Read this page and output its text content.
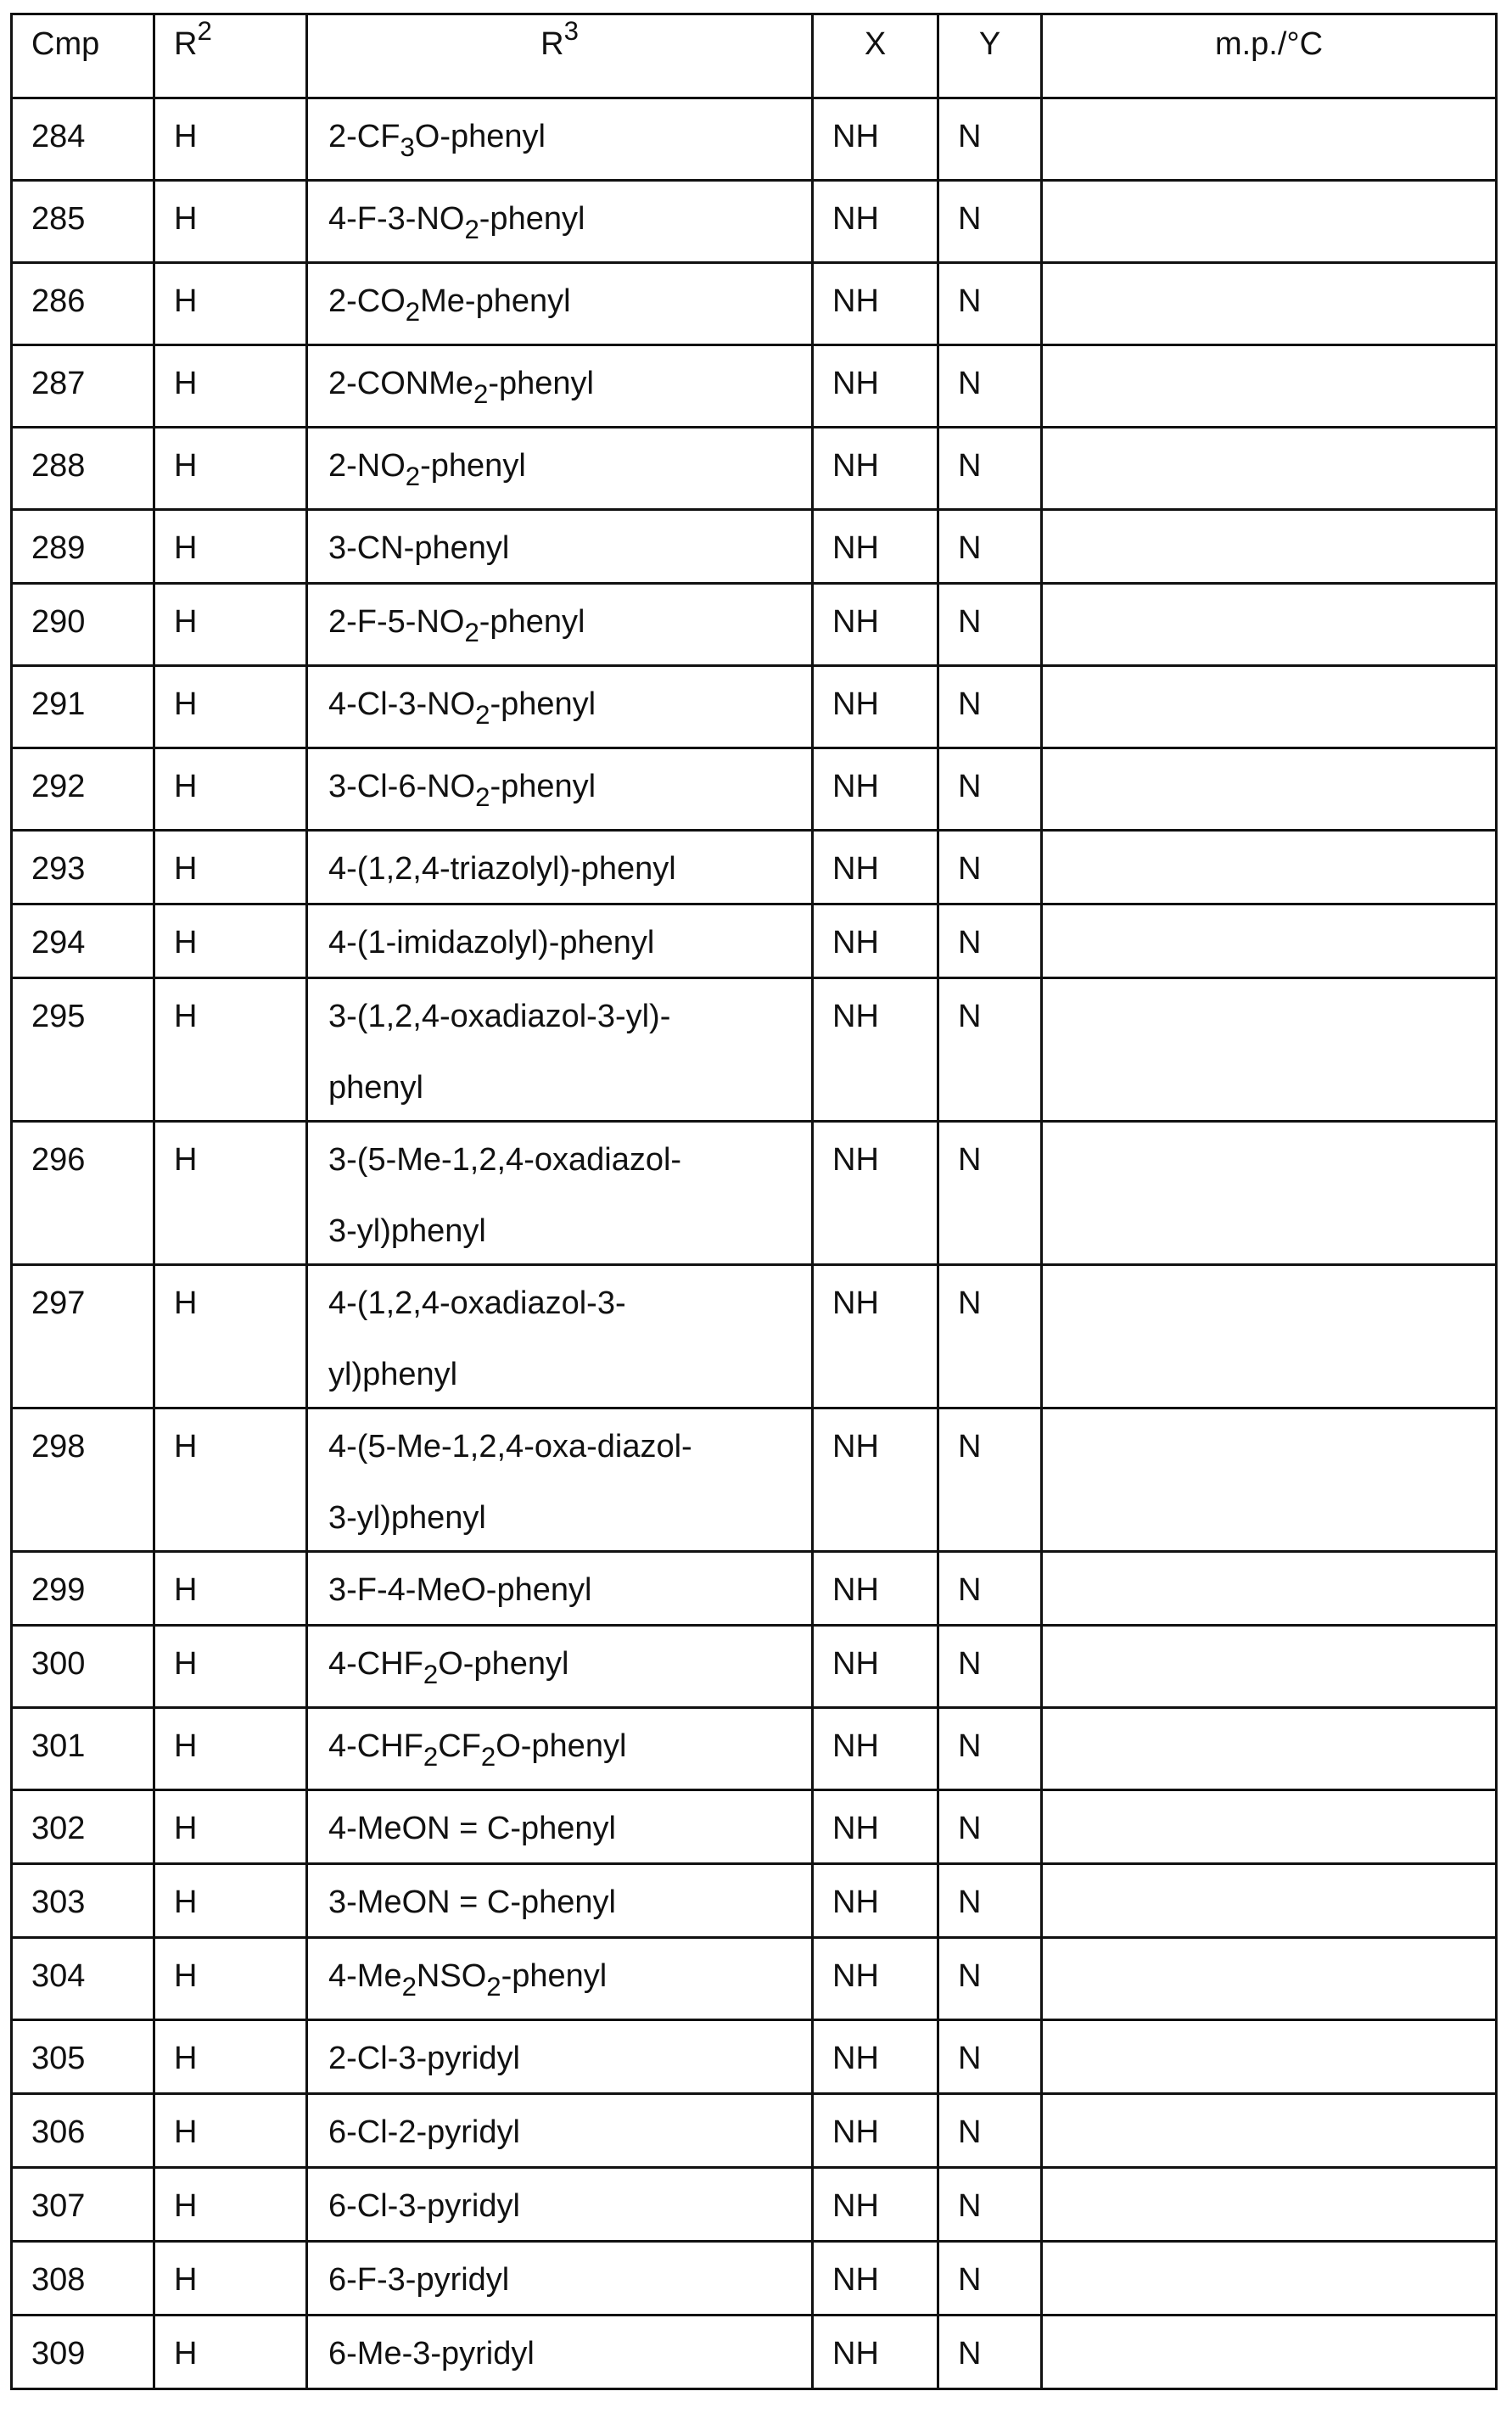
Cmp	$R^2$	$R^3$	X	Y	m.p./°C

284	H	$2-CF_3O$-phenyl	NH	N	

285	H	$4-F-3-NO_2$-phenyl	NH	N	

286	H	$2-CO_2Me$-phenyl	NH	N	

287	H	2-CONMe$_2$-phenyl	NH	N	

288	H	$2-NO_2$-phenyl	NH	N	

289	H	3-CN-phenyl	NH	N	

290	H	$2-F-5-NO_2$-phenyl	NH	N	

291	H	$4-Cl-3-NO_2$-phenyl	NH	N	

292	H	$3-Cl-6-NO_2$-phenyl	NH	N	

293	H	4-(1,2,4-triazolyl)-phenyl	NH	N	

294	H	4-(1-imidazolyl)-phenyl	NH	N	

295	H	3-(1,2,4-oxadiazol-3-yl)-
phenyl	NH	N	

296	H	3-(5-Me-1,2,4-oxadiazol-
3-yl)phenyl	NH	N	

297	H	4-(1,2,4-oxadiazol-3-
yl)phenyl	NH	N	

298	H	4-(5-Me-1,2,4-oxa-diazol-
3-yl)phenyl	NH	N	

299	H	3-F-4-MeO-phenyl	NH	N	

300	H	$4-CHF_2O$-phenyl	NH	N	

301	H	$4-CHF_2CF_2O$-phenyl	NH	N	

302	H	4-MeON = C-phenyl	NH	N	

303	H	3-MeON = C-phenyl	NH	N	

304	H	$4-Me_2NSO_2$-phenyl	NH	N	

305	H	2-Cl-3-pyridyl	NH	N	

306	H	6-Cl-2-pyridyl	NH	N	

307	H	6-Cl-3-pyridyl	NH	N	

308	H	6-F-3-pyridyl	NH	N	

309	H	6-Me-3-pyridyl	NH	N	
